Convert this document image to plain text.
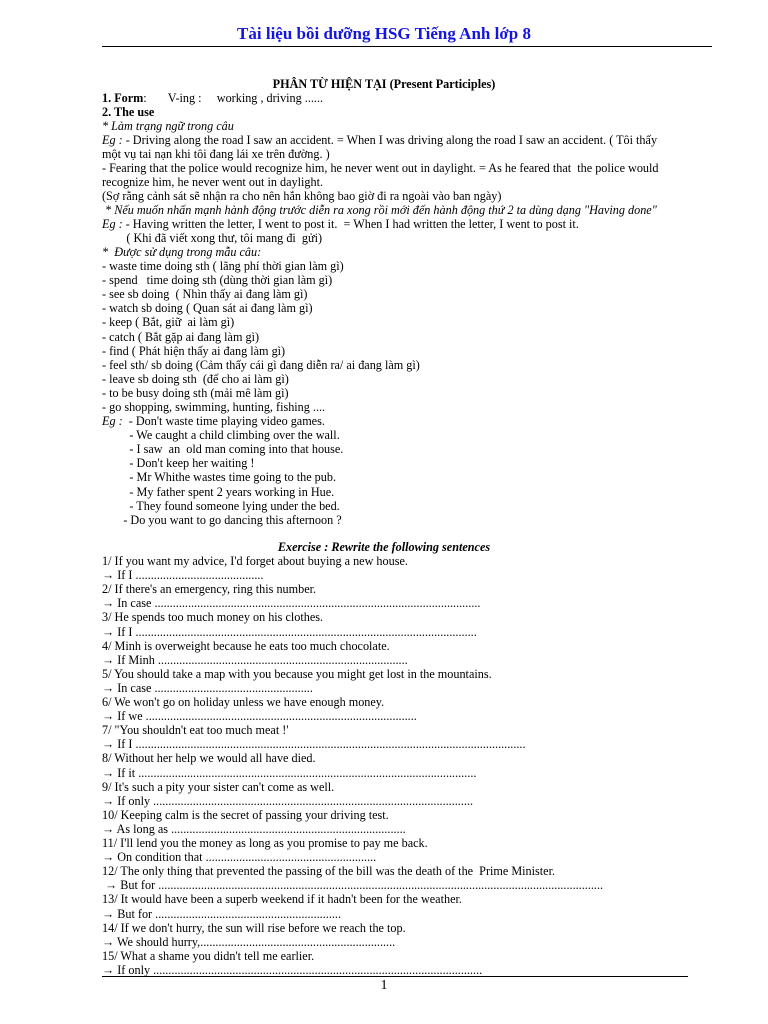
Tài liệu bồi dưỡng HSG Tiếng Anh lớp 8
PHÂN TỪ HIỆN TẠI (Present Participles)
1. Form:       V-ing :     working , driving ......
2. The use
* Làm trạng ngữ trong câu
Eg : - Driving along the road I saw an accident. = When I was driving along the road I saw an accident. ( Tôi thấy
một vụ tai nạn khi tôi đang lái xe trên đường. )
- Fearing that the police would recognize him, he never went out in daylight. = As he feared that  the police would
recognize him, he never went out in daylight.
(Sợ rằng cảnh sát sẽ nhận ra cho nên hắn không bao giờ đi ra ngoài vào ban ngày)
* Nếu muốn nhấn mạnh hành động trước diễn ra xong rồi mới đến hành động thứ 2 ta dùng dạng "Having done"
Eg : - Having written the letter, I went to post it.  = When I had written the letter, I went to post it.
( Khi đã viết xong thư, tôi mang đi  gửi)
*  Được sử dụng trong mẫu câu:
- waste time doing sth ( lãng phí thời gian làm gì)
- spend   time doing sth (dùng thời gian làm gì)
- see sb doing  ( Nhìn thấy ai đang làm gì)
- watch sb doing ( Quan sát ai đang làm gì)
- keep ( Bắt, giữ  ai làm gì)
- catch ( Bắt gặp ai đang làm gì)
- find ( Phát hiện thấy ai đang làm gì)
- feel sth/ sb doing (Cảm thấy cái gì đang diễn ra/ ai đang làm gì)
- leave sb doing sth  (để cho ai làm gì)
- to be busy doing sth (mải mê làm gì)
- go shopping, swimming, hunting, fishing ....
Eg :  - Don't waste time playing video games.
- We caught a child climbing over the wall.
- I saw  an  old man coming into that house.
- Don't keep her waiting !
- Mr Whithe wastes time going to the pub.
- My father spent 2 years working in Hue.
- They found someone lying under the bed.
- Do you want to go dancing this afternoon ?
Exercise : Rewrite the following sentences
1/ If you want my advice, I'd forget about buying a new house.
→ If I ..........................................
2/ If there's an emergency, ring this number.
→ In case ...........................................................................................................
3/ He spends too much money on his clothes.
→ If I ................................................................................................................
4/ Minh is overweight because he eats too much chocolate.
→ If Minh ..................................................................................
5/ You should take a map with you because you might get lost in the mountains.
→ In case ....................................................
6/ We won't go on holiday unless we have enough money.
→ If we .........................................................................................
7/ "You shouldn't eat too much meat !'
→ If I ................................................................................................................................
8/ Without her help we would all have died.
→ If it ...............................................................................................................
9/ It's such a pity your sister can't come as well.
→ If only .........................................................................................................
10/ Keeping calm is the secret of passing your driving test.
→ As long as .............................................................................
11/ I'll lend you the money as long as you promise to pay me back.
→ On condition that ........................................................
12/ The only thing that prevented the passing of the bill was the death of the  Prime Minister.
→ But for ..................................................................................................................................................
13/ It would have been a superb weekend if it hadn't been for the weather.
→ But for .............................................................
14/ If we don't hurry, the sun will rise before we reach the top.
→ We should hurry,................................................................
15/ What a shame you didn't tell me earlier.
→ If only ............................................................................................................
1
